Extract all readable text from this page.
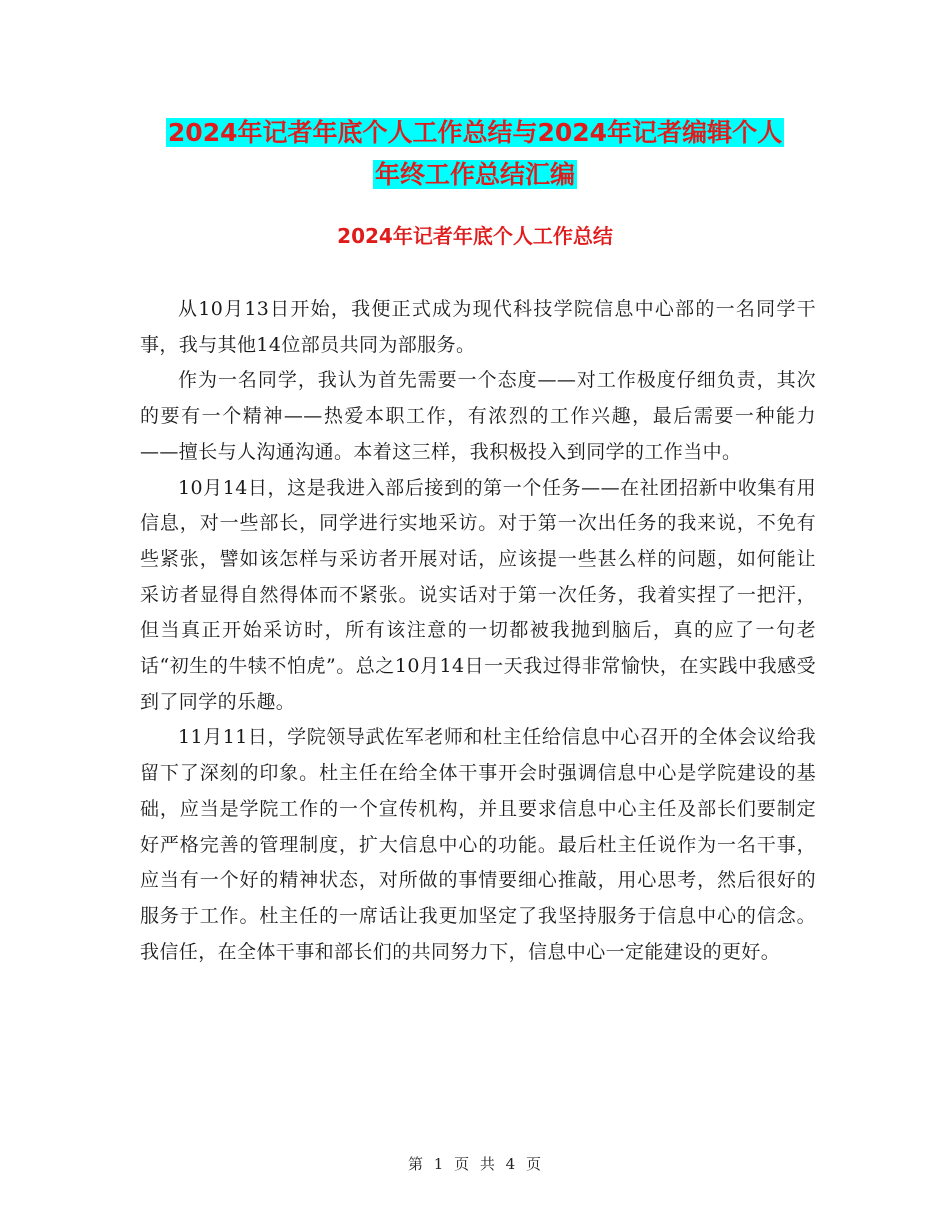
2024年记者年底个人工作总结与2024年记者编辑个人
年终工作总结汇编
2024年记者年底个人工作总结

从10月13日开始，我便正式成为现代科技学院信息中心部的一名同学干事，我与其他14位部员共同为部服务。

作为一名同学，我认为首先需要一个态度——对工作极度仔细负责，其次的要有一个精神——热爱本职工作，有浓烈的工作兴趣，最后需要一种能力——擅长与人沟通沟通。本着这三样，我积极投入到同学的工作当中。

10月14日，这是我进入部后接到的第一个任务——在社团招新中收集有用信息，对一些部长，同学进行实地采访。对于第一次出任务的我来说，不免有些紧张，譬如该怎样与采访者开展对话，应该提一些甚么样的问题，如何能让采访者显得自然得体而不紧张。说实话对于第一次任务，我着实捏了一把汗，但当真正开始采访时，所有该注意的一切都被我抛到脑后，真的应了一句老话“初生的牛犊不怕虎”。总之10月14日一天我过得非常愉快，在实践中我感受到了同学的乐趣。

11月11日，学院领导武佐军老师和杜主任给信息中心召开的全体会议给我留下了深刻的印象。杜主任在给全体干事开会时强调信息中心是学院建设的基础，应当是学院工作的一个宣传机构，并且要求信息中心主任及部长们要制定好严格完善的管理制度，扩大信息中心的功能。最后杜主任说作为一名干事，应当有一个好的精神状态，对所做的事情要细心推敲，用心思考，然后很好的服务于工作。杜主任的一席话让我更加坚定了我坚持服务于信息中心的信念。我信任，在全体干事和部长们的共同努力下，信息中心一定能建设的更好。

第 1 页 共 4 页
